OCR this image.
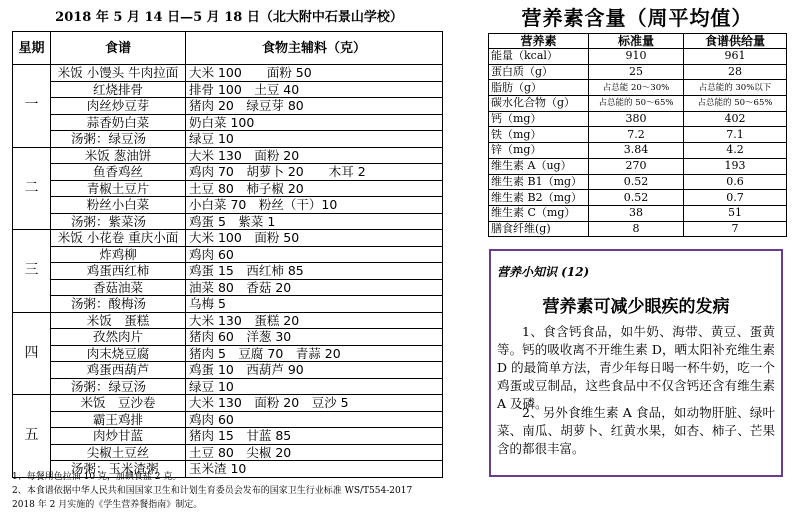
2018 年 5 月 14 日—5 月 18 日（北大附中石景山学校）
星期	食谱	食物主辅料（克）
一	米饭 小馒头 牛肉拉面	大米 100　　面粉 50
	红烧排骨	排骨 100　土豆 40
	肉丝炒豆芽	猪肉 20　绿豆芽 80
	蒜香奶白菜	奶白菜 100
	汤粥：绿豆汤	绿豆 10
二	米饭 葱油饼	大米 130　面粉 20
	鱼香鸡丝	鸡肉 70　胡萝卜 20　　木耳 2
	青椒土豆片	土豆 80　柿子椒 20
	粉丝小白菜	小白菜 70　粉丝（干）10
	汤粥：紫菜汤	鸡蛋 5　紫菜 1
三	米饭 小花卷 重庆小面	大米 100　面粉 50
	炸鸡柳	鸡肉 60
	鸡蛋西红柿	鸡蛋 15　西红柿 85
	香菇油菜	油菜 80　香菇 20
	汤粥：酸梅汤	乌梅 5
四	米饭　蛋糕	大米 130　蛋糕 20
	孜然肉片	猪肉 60　洋葱 30
	肉末烧豆腐	猪肉 5　豆腐 70　青蒜 20
	鸡蛋西葫芦	鸡蛋 10　西葫芦 90
	汤粥：绿豆汤	绿豆 10
五	米饭　豆沙卷	大米 130　面粉 20　豆沙 5
	霸王鸡排	鸡肉 60
	肉炒甘蓝	猪肉 15　甘蓝 85
	尖椒土豆丝	土豆 80　尖椒 20
	汤粥：玉米渣粥	玉米渣 10
1、每餐用色拉油 10 克，加碘食盐 2 克。
2、本食谱依据中华人民共和国国家卫生和计划生育委员会发布的国家卫生行业标准 WS/T554-2017
2018 年 2 月实施的《学生营养餐指南》制定。
营养素含量（周平均值）
营养素	标准量	食谱供给量
能量（kcal）	910	961
蛋白质（g）	25	28
脂肪（g）	占总能 20～30%	占总能的 30%以下
碳水化合物（g）	占总能的 50～65%	占总能的 50～65%
钙（mg）	380	402
铁（mg）	7.2	7.1
锌（mg）	3.84	4.2
维生素 A（ug）	270	193
维生素 B1（mg）	0.52	0.6
维生素 B2（mg）	0.52	0.7
维生素 C（mg）	38	51
膳食纤维(g)	8	7
营养小知识 (12)
营养素可减少眼疾的发病
1、食含钙食品，如牛奶、海带、黄豆、蛋黄等。钙的吸收离不开维生素 D，晒太阳补充维生素 D 的最简单方法，青少年每日喝一杯牛奶，吃一个鸡蛋或豆制品，这些食品中不仅含钙还含有维生素 A 及磷。
2、另外食维生素 A 食品，如动物肝脏、绿叶菜、南瓜、胡萝卜、红黄水果，如杏、柿子、芒果含的都很丰富。
